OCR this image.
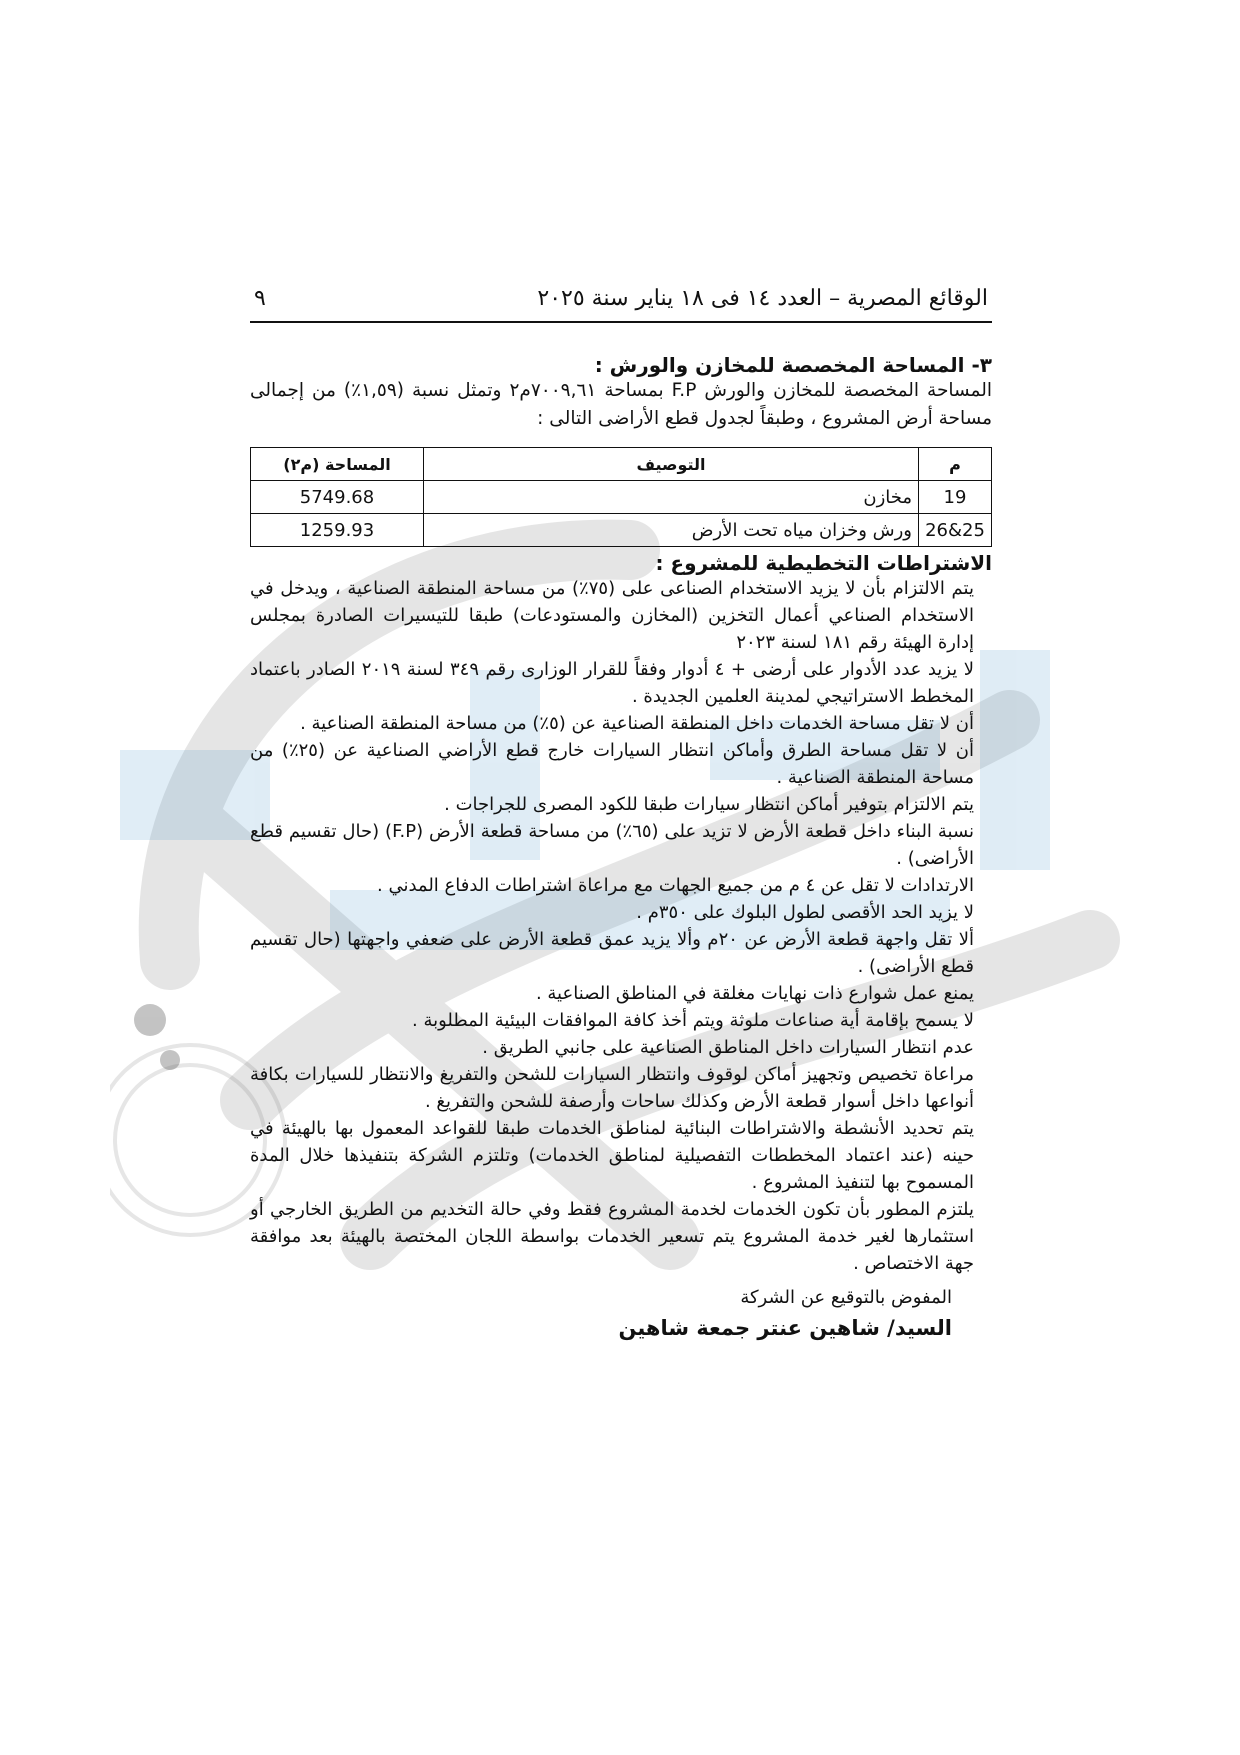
الوقائع المصرية – العدد ١٤ فى ١٨ يناير سنة ٢٠٢٥
٩
٣- المساحة المخصصة للمخازن والورش :
المساحة المخصصة للمخازن والورش F.P بمساحة ٧٠٠٩,٦١م٢ وتمثل نسبة (١,٥٩٪) من إجمالى مساحة أرض المشروع ، وطبقاً لجدول قطع الأراضى التالى :
م	التوصيف	المساحة (م٢)
19	مخازن	5749.68
25&26	ورش وخزان مياه تحت الأرض	1259.93
الاشتراطات التخطيطية للمشروع :
يتم الالتزام بأن لا يزيد الاستخدام الصناعى على (٧٥٪) من مساحة المنطقة الصناعية ، ويدخل في الاستخدام الصناعي أعمال التخزين (المخازن والمستودعات) طبقا للتيسيرات الصادرة بمجلس إدارة الهيئة رقم ١٨١ لسنة ٢٠٢٣
لا يزيد عدد الأدوار على أرضى + ٤ أدوار وفقاً للقرار الوزارى رقم ٣٤٩ لسنة ٢٠١٩ الصادر باعتماد المخطط الاستراتيجي لمدينة العلمين الجديدة .
أن لا تقل مساحة الخدمات داخل المنطقة الصناعية عن (٥٪) من مساحة المنطقة الصناعية .
أن لا تقل مساحة الطرق وأماكن انتظار السيارات خارج قطع الأراضي الصناعية عن (٢٥٪) من مساحة المنطقة الصناعية .
يتم الالتزام بتوفير أماكن انتظار سيارات طبقا للكود المصرى للجراجات .
نسبة البناء داخل قطعة الأرض لا تزيد على (٦٥٪) من مساحة قطعة الأرض (F.P) (حال تقسيم قطع الأراضى) .
الارتدادات لا تقل عن ٤ م من جميع الجهات مع مراعاة اشتراطات الدفاع المدني .
لا يزيد الحد الأقصى لطول البلوك على ٣٥٠م .
ألا تقل واجهة قطعة الأرض عن ٢٠م وألا يزيد عمق قطعة الأرض على ضعفي واجهتها (حال تقسيم قطع الأراضى) .
يمنع عمل شوارع ذات نهايات مغلقة في المناطق الصناعية .
لا يسمح بإقامة أية صناعات ملوثة ويتم أخذ كافة الموافقات البيئية المطلوبة .
عدم انتظار السيارات داخل المناطق الصناعية على جانبي الطريق .
مراعاة تخصيص وتجهيز أماكن لوقوف وانتظار السيارات للشحن والتفريغ والانتظار للسيارات بكافة أنواعها داخل أسوار قطعة الأرض وكذلك ساحات وأرصفة للشحن والتفريغ .
يتم تحديد الأنشطة والاشتراطات البنائية لمناطق الخدمات طبقا للقواعد المعمول بها بالهيئة في حينه (عند اعتماد المخططات التفصيلية لمناطق الخدمات) وتلتزم الشركة بتنفيذها خلال المدة المسموح بها لتنفيذ المشروع .
يلتزم المطور بأن تكون الخدمات لخدمة المشروع فقط وفي حالة التخديم من الطريق الخارجي أو استثمارها لغير خدمة المشروع يتم تسعير الخدمات بواسطة اللجان المختصة بالهيئة بعد موافقة جهة الاختصاص .
المفوض بالتوقيع عن الشركة
السيد/ شاهين عنتر جمعة شاهين
